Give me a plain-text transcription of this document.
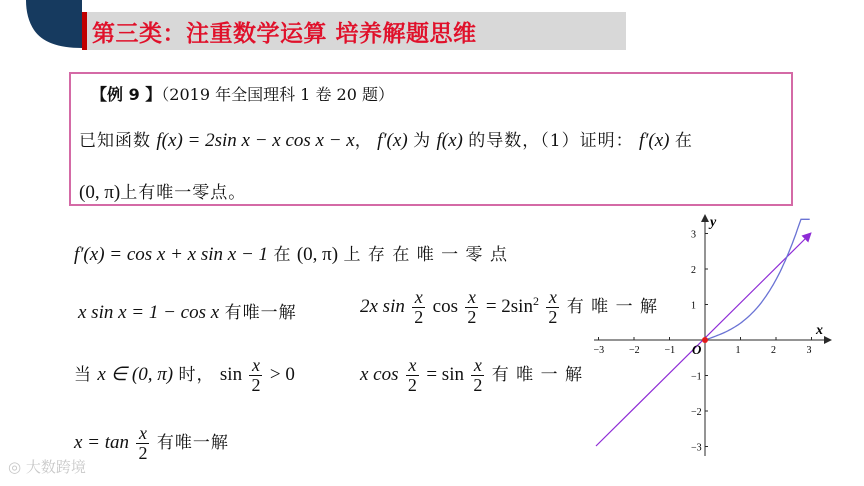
第三类：注重数学运算 培养解题思维
【例 9 】（2019 年全国理科 1 卷 20 题）
已知函数 f(x) = 2sin x − x cos x − x， f′(x) 为 f(x) 的导数，（1）证明： f′(x) 在
(0, π)上有唯一零点。
f′(x) = cos x + x sin x − 1 在 (0, π) 上 存 在 唯 一 零 点
x sin x = 1 − cos x 有唯一解	2x $\sin \frac{x}{2}$ $\cos \frac{x}{2} = 2\sin^2 \frac{x}{2}$ 有 唯 一 解
当 x ∈ (0, π) 时， $\sin \frac{x}{2} > 0$	x $\cos \frac{x}{2} = \sin \frac{x}{2}$ 有 唯 一 解
$x = \tan \frac{x}{2}$ 有唯一解
−3 −2 −1	1	2	3
3
2
1
−1
−2
−3
O
x
y
◎ 大数跨境
